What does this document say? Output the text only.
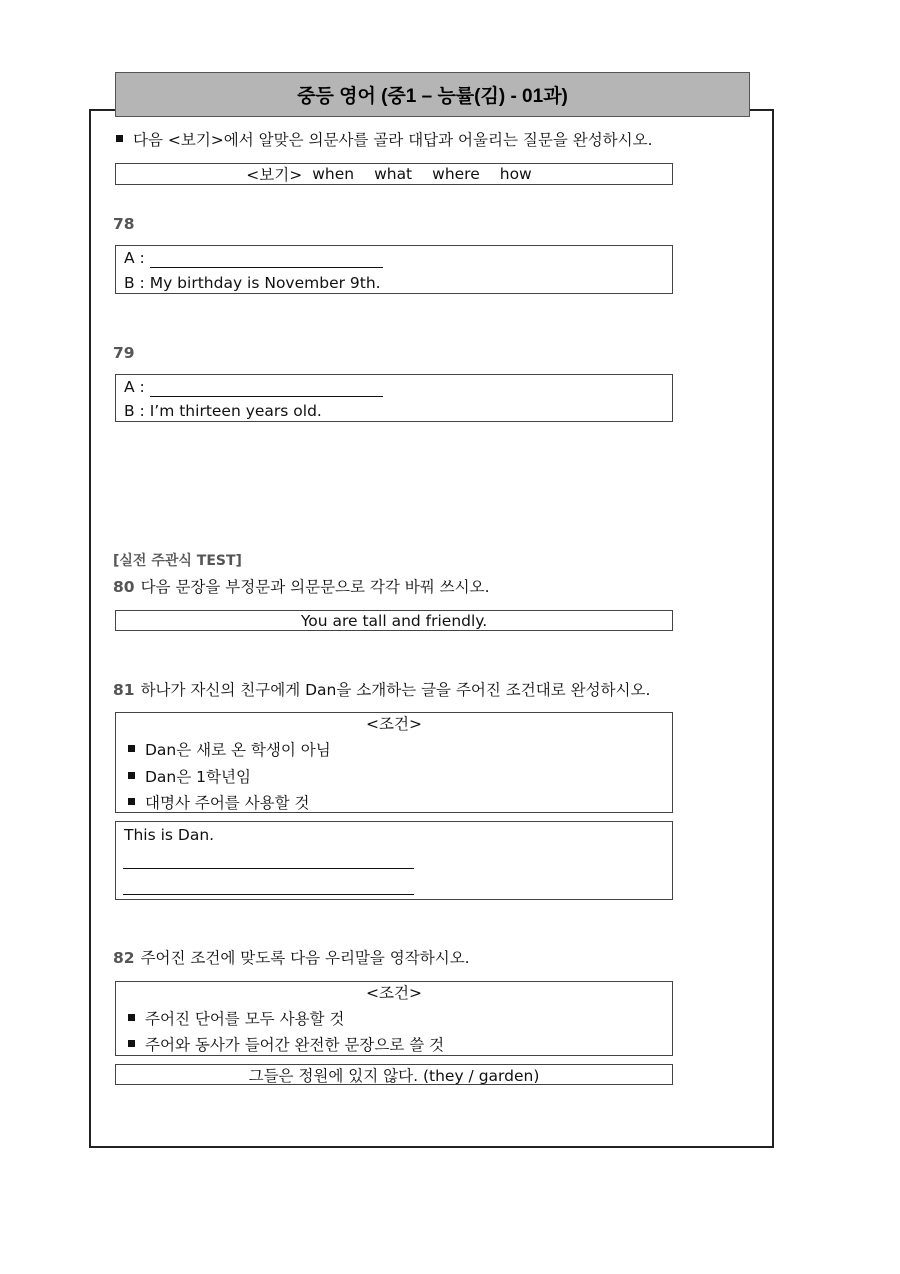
중등 영어 (중1 – 능률(김) - 01과)
다음 <보기>에서 알맞은 의문사를 골라 대답과 어울리는 질문을 완성하시오.
<보기> when what where how
78
A :
B : My birthday is November 9th.
79
A :
B : I’m thirteen years old.
[실전 주관식 TEST]
80 다음 문장을 부정문과 의문문으로 각각 바꿔 쓰시오.
You are tall and friendly.
81 하나가 자신의 친구에게 Dan을 소개하는 글을 주어진 조건대로 완성하시오.
<조건>
Dan은 새로 온 학생이 아님
Dan은 1학년임
대명사 주어를 사용할 것
This is Dan.
82 주어진 조건에 맞도록 다음 우리말을 영작하시오.
<조건>
주어진 단어를 모두 사용할 것
주어와 동사가 들어간 완전한 문장으로 쓸 것
그들은 정원에 있지 않다. (they / garden)
